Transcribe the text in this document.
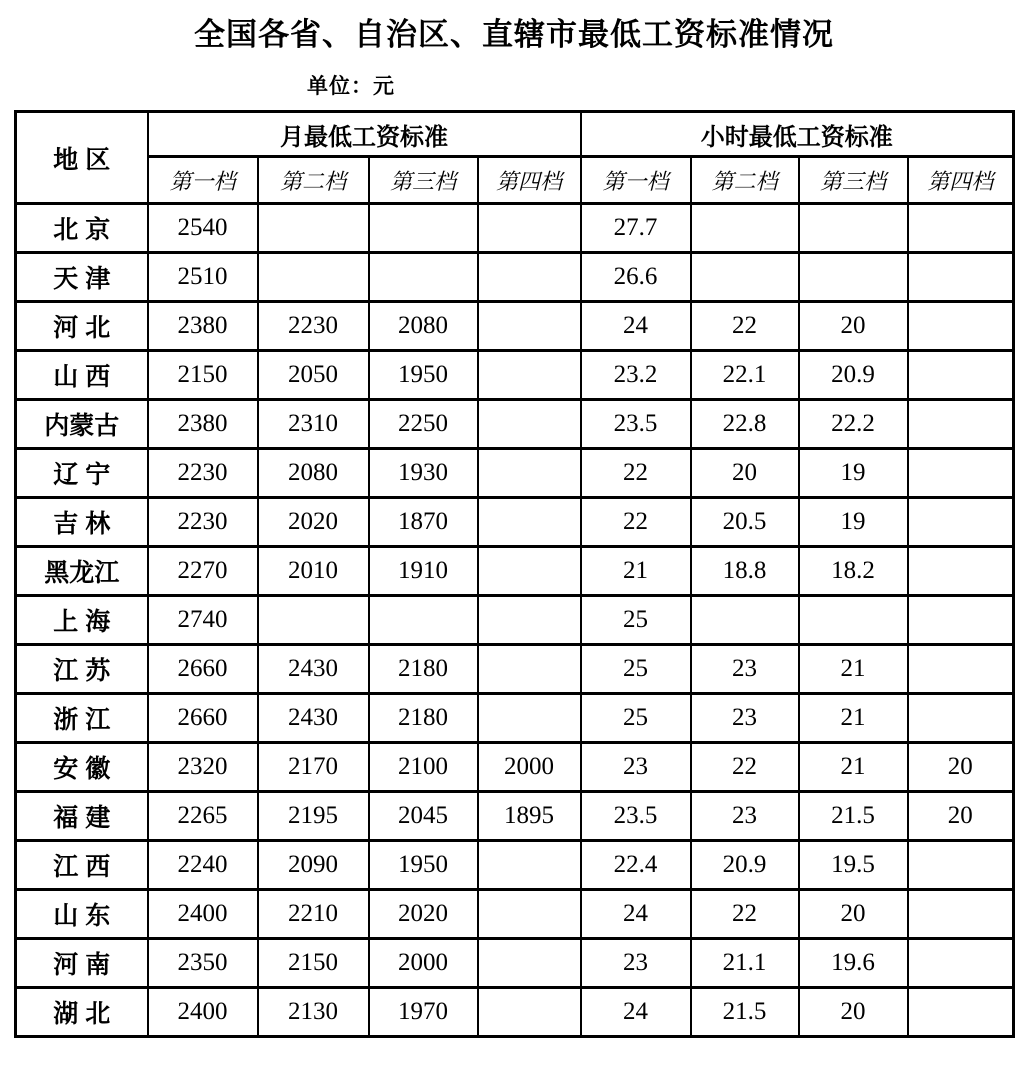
全国各省、自治区、直辖市最低工资标准情况
单位：元
地 区	月最低工资标准				小时最低工资标准			
	第一档	第二档	第三档	第四档	第一档	第二档	第三档	第四档
北 京	2540				27.7			
天 津	2510				26.6			
河 北	2380	2230	2080		24	22	20	
山 西	2150	2050	1950		23.2	22.1	20.9	
内蒙古	2380	2310	2250		23.5	22.8	22.2	
辽 宁	2230	2080	1930		22	20	19	
吉 林	2230	2020	1870		22	20.5	19	
黑龙江	2270	2010	1910		21	18.8	18.2	
上 海	2740				25			
江 苏	2660	2430	2180		25	23	21	
浙 江	2660	2430	2180		25	23	21	
安 徽	2320	2170	2100	2000	23	22	21	20
福 建	2265	2195	2045	1895	23.5	23	21.5	20
江 西	2240	2090	1950		22.4	20.9	19.5	
山 东	2400	2210	2020		24	22	20	
河 南	2350	2150	2000		23	21.1	19.6	
湖 北	2400	2130	1970		24	21.5	20	
